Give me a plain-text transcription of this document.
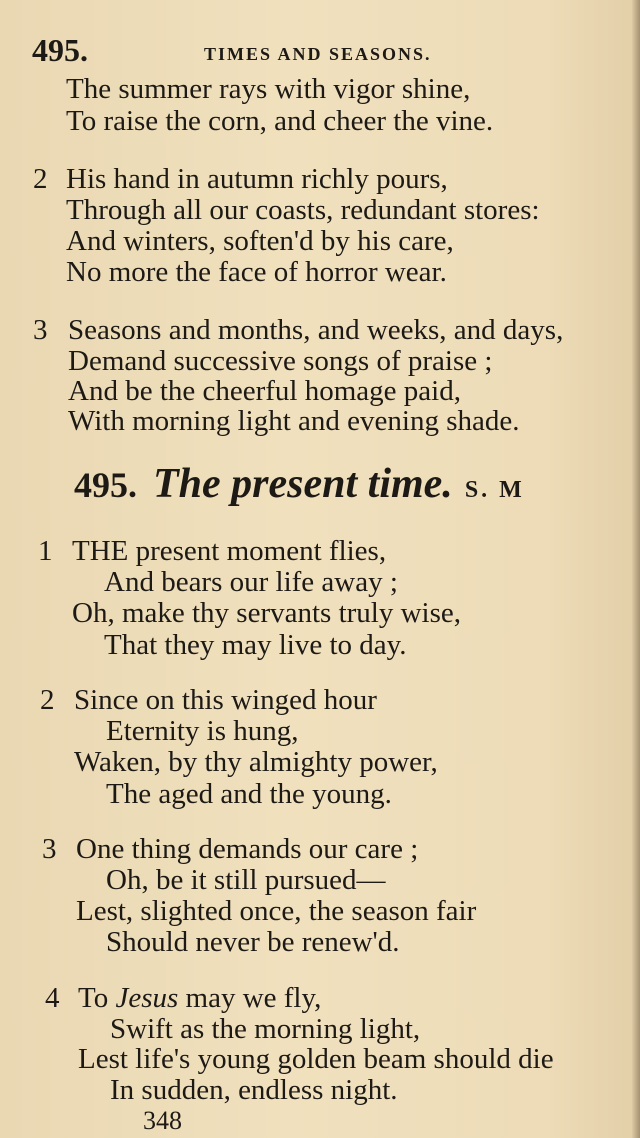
495.	TIMES AND SEASONS.
The summer rays with vigor shine,
To raise the corn, and cheer the vine.
2 His hand in autumn richly pours,
Through all our coasts, redundant stores:
And winters, soften'd by his care,
No more the face of horror wear.
3 Seasons and months, and weeks, and days,
Demand successive songs of praise ;
And be the cheerful homage paid,
With morning light and evening shade.
495. The present time. S. M
1 THE present moment flies,
And bears our life away ;
Oh, make thy servants truly wise,
That they may live to day.
2 Since on this winged hour
Eternity is hung,
Waken, by thy almighty power,
The aged and the young.
3 One thing demands our care ;
Oh, be it still pursued—
Lest, slighted once, the season fair
Should never be renew'd.
4 To Jesus may we fly,
Swift as the morning light,
Lest life's young golden beam should die
In sudden, endless night.
348
